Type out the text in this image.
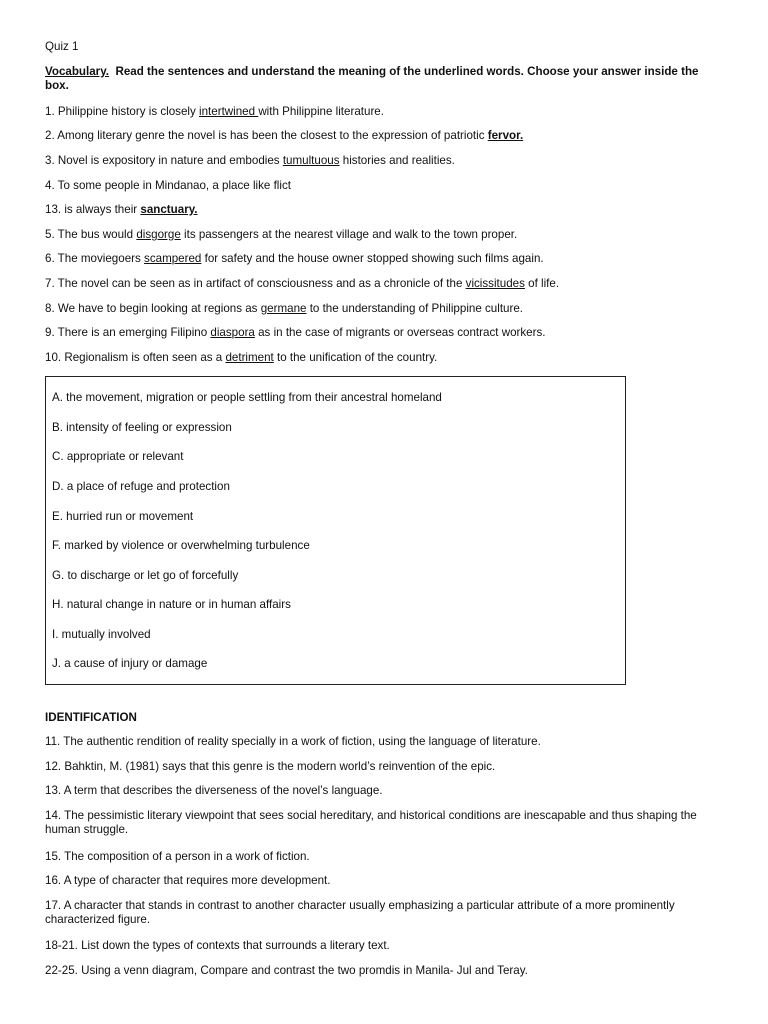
Quiz 1
Vocabulary. Read the sentences and understand the meaning of the underlined words. Choose your answer inside the box.
1. Philippine history is closely intertwined with Philippine literature.
2. Among literary genre the novel is has been the closest to the expression of patriotic fervor.
3. Novel is expository in nature and embodies tumultuous histories and realities.
4. To some people in Mindanao, a place like flict
13. is always their sanctuary.
5. The bus would disgorge its passengers at the nearest village and walk to the town proper.
6. The moviegoers scampered for safety and the house owner stopped showing such films again.
7. The novel can be seen as in artifact of consciousness and as a chronicle of the vicissitudes of life.
8. We have to begin looking at regions as germane to the understanding of Philippine culture.
9. There is an emerging Filipino diaspora as in the case of migrants or overseas contract workers.
10. Regionalism is often seen as a detriment to the unification of the country.
A. the movement, migration or people settling from their ancestral homeland
B. intensity of feeling or expression
C. appropriate or relevant
D. a place of refuge and protection
E. hurried run or movement
F. marked by violence or overwhelming turbulence
G. to discharge or let go of forcefully
H. natural change in nature or in human affairs
I. mutually involved
J. a cause of injury or damage
IDENTIFICATION
11. The authentic rendition of reality specially in a work of fiction, using the language of literature.
12. Bahktin, M. (1981) says that this genre is the modern world’s reinvention of the epic.
13. A term that describes the diverseness of the novel’s language.
14. The pessimistic literary viewpoint that sees social hereditary, and historical conditions are inescapable and thus shaping the human struggle.
15. The composition of a person in a work of fiction.
16. A type of character that requires more development.
17. A character that stands in contrast to another character usually emphasizing a particular attribute of a more prominently characterized figure.
18-21. List down the types of contexts that surrounds a literary text.
22-25. Using a venn diagram, Compare and contrast the two promdis in Manila- Jul and Teray.
